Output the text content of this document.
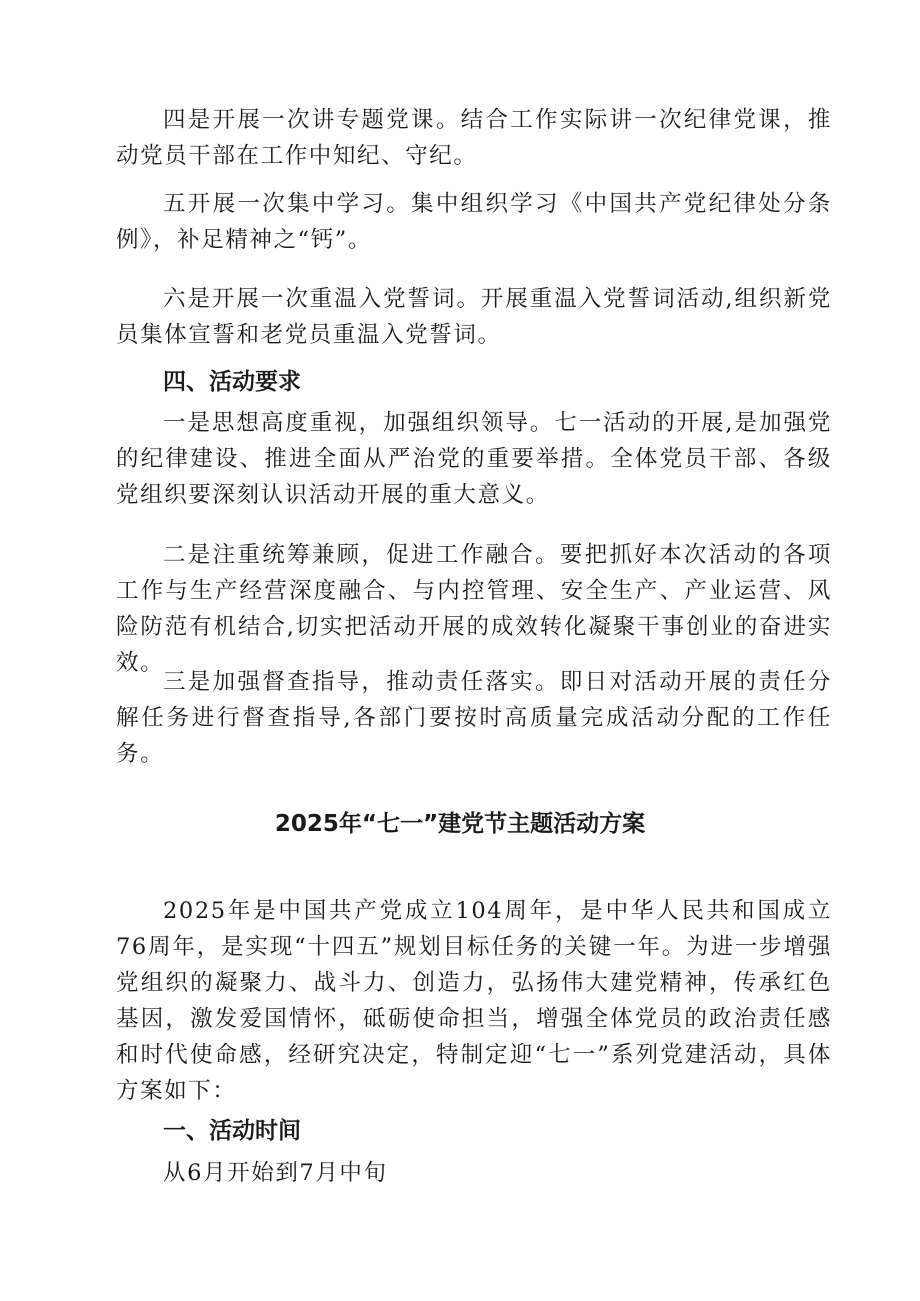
四是开展一次讲专题党课。结合工作实际讲一次纪律党课，推动党员干部在工作中知纪、守纪。

五开展一次集中学习。集中组织学习《中国共产党纪律处分条例》，补足精神之“钙”。

六是开展一次重温入党誓词。开展重温入党誓词活动,组织新党员集体宣誓和老党员重温入党誓词。

四、活动要求

一是思想高度重视，加强组织领导。七一活动的开展,是加强党的纪律建设、推进全面从严治党的重要举措。全体党员干部、各级党组织要深刻认识活动开展的重大意义。

二是注重统筹兼顾，促进工作融合。要把抓好本次活动的各项工作与生产经营深度融合、与内控管理、安全生产、产业运营、风险防范有机结合,切实把活动开展的成效转化凝聚干事创业的奋进实效。

三是加强督查指导，推动责任落实。即日对活动开展的责任分解任务进行督查指导,各部门要按时高质量完成活动分配的工作任务。

2025年“七一”建党节主题活动方案

2025年是中国共产党成立104周年，是中华人民共和国成立76周年，是实现“十四五”规划目标任务的关键一年。为进一步增强党组织的凝聚力、战斗力、创造力，弘扬伟大建党精神，传承红色基因，激发爱国情怀，砥砺使命担当，增强全体党员的政治责任感和时代使命感，经研究决定，特制定迎“七一”系列党建活动，具体方案如下：

一、活动时间

从6月开始到7月中旬
